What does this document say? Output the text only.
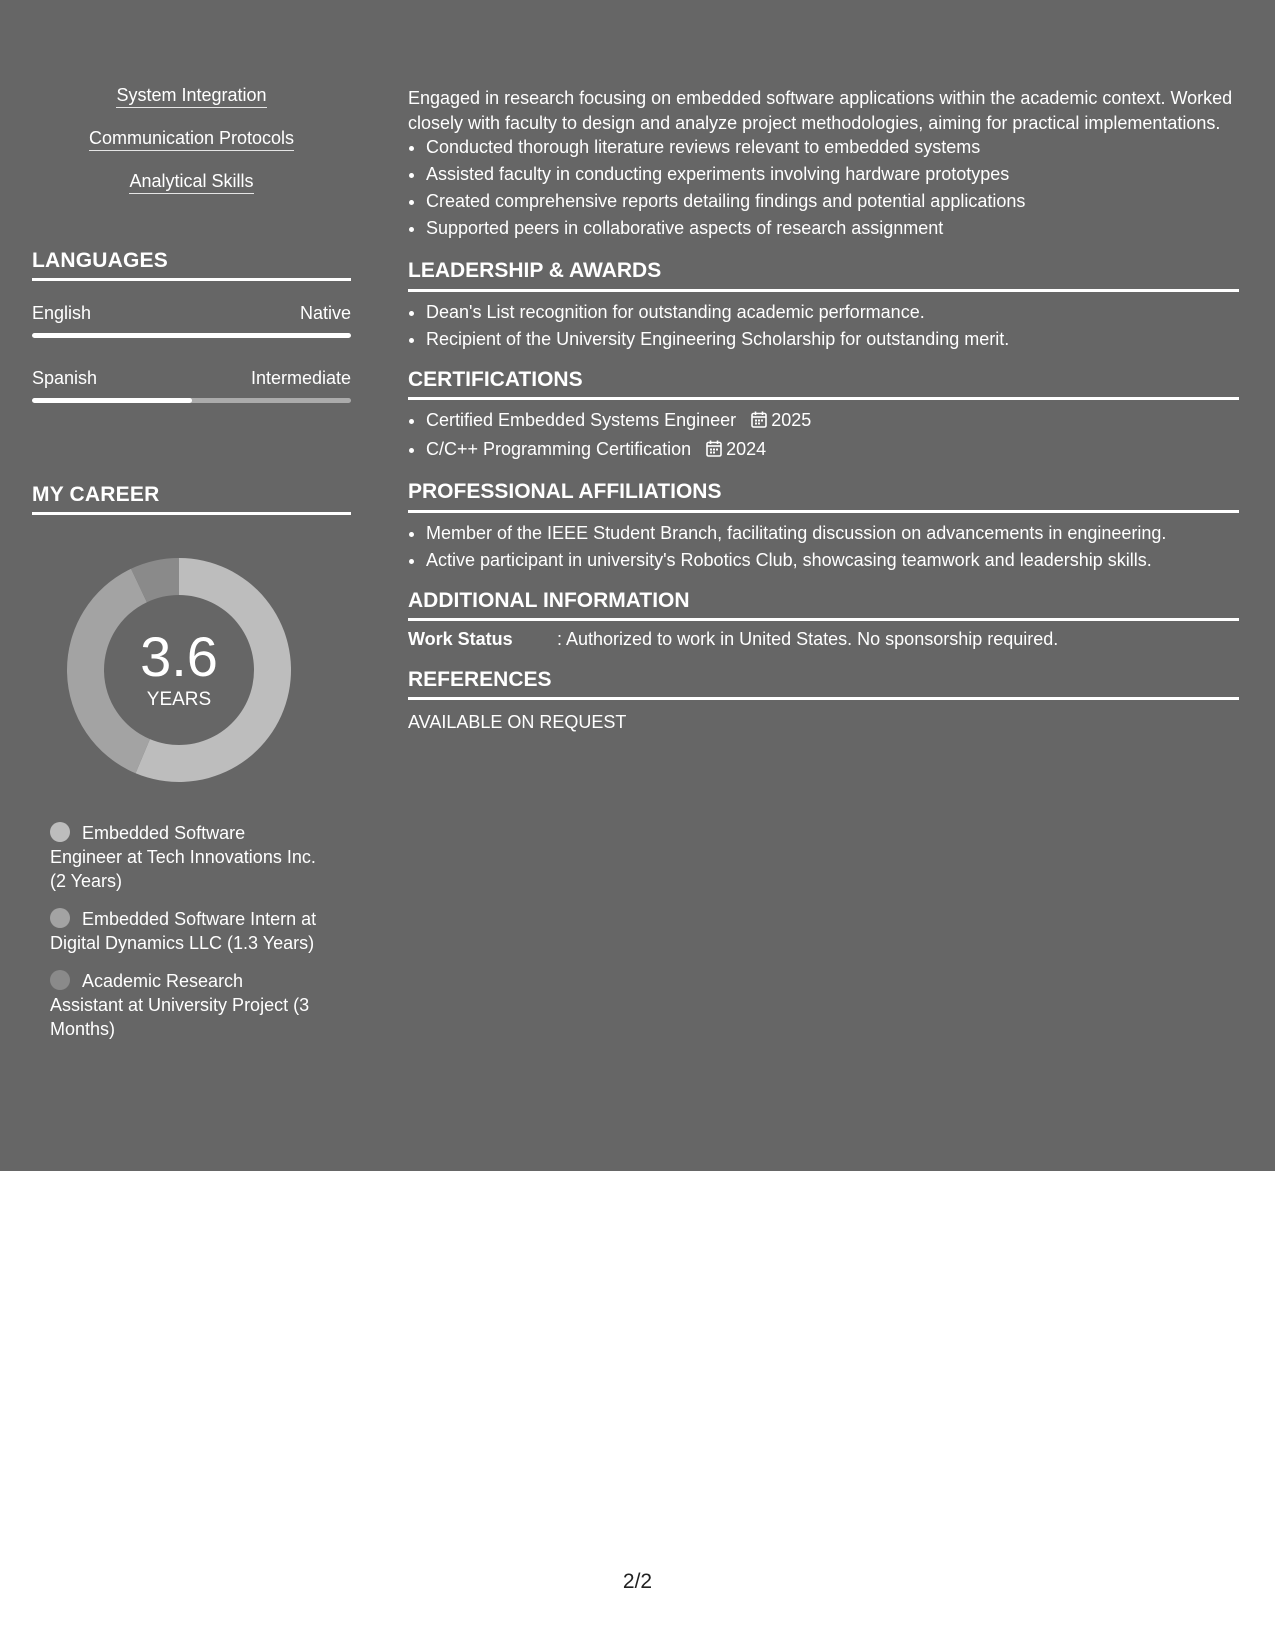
System Integration
Communication Protocols
Analytical Skills
LANGUAGES
English	Native
Spanish	Intermediate
MY CAREER
3.6
YEARS
Embedded Software Engineer at Tech Innovations Inc. (2 Years)
Embedded Software Intern at Digital Dynamics LLC (1.3 Years)
Academic Research Assistant at University Project (3 Months)

Engaged in research focusing on embedded software applications within the academic context. Worked closely with faculty to design and analyze project methodologies, aiming for practical implementations.

• Conducted thorough literature reviews relevant to embedded systems
• Assisted faculty in conducting experiments involving hardware prototypes
• Created comprehensive reports detailing findings and potential applications
• Supported peers in collaborative aspects of research assignment
LEADERSHIP & AWARDS
• Dean's List recognition for outstanding academic performance.
• Recipient of the University Engineering Scholarship for outstanding merit.
CERTIFICATIONS
• Certified Embedded Systems Engineer 2025
• C/C++ Programming Certification 2024
PROFESSIONAL AFFILIATIONS
• Member of the IEEE Student Branch, facilitating discussion on advancements in engineering.
• Active participant in university's Robotics Club, showcasing teamwork and leadership skills.
ADDITIONAL INFORMATION
Work Status	: Authorized to work in United States. No sponsorship required.
REFERENCES

AVAILABLE ON REQUEST

2/2
